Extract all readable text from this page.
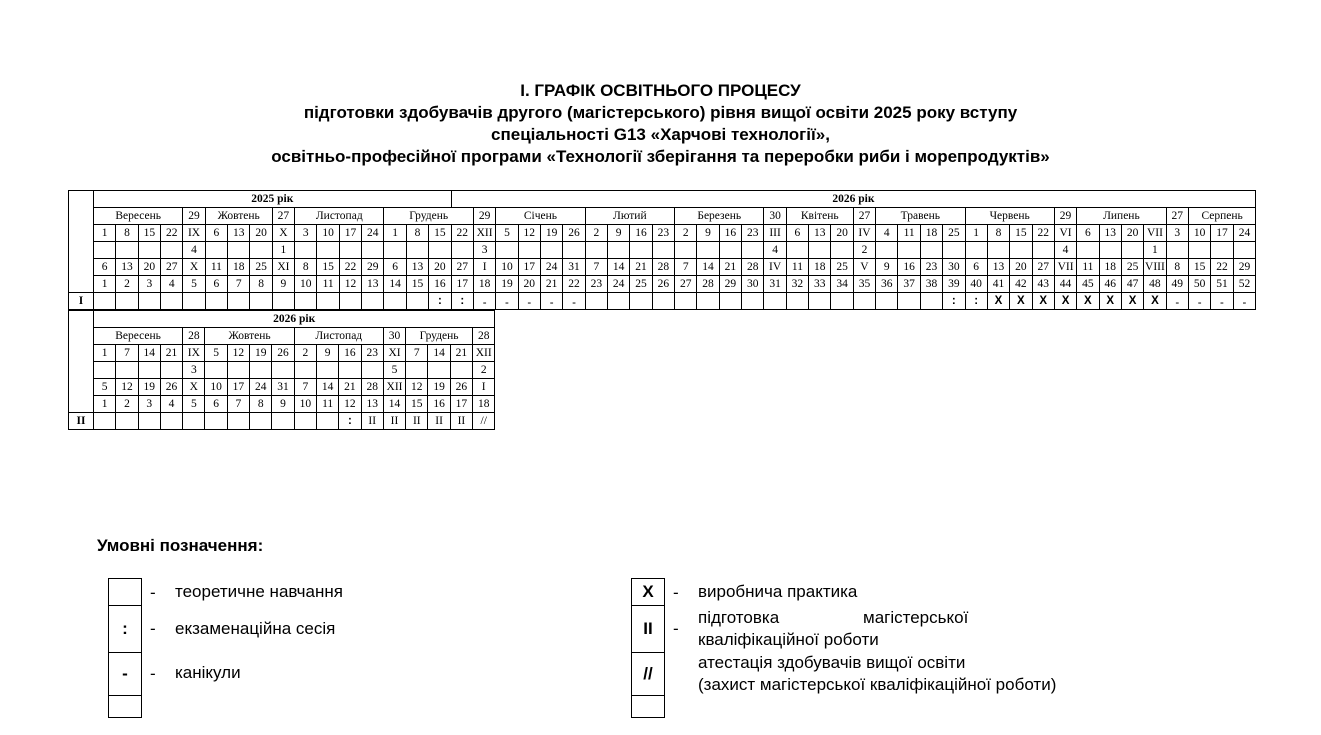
І. ГРАФІК ОСВІТНЬОГО ПРОЦЕСУ
підготовки здобувачів другого (магістерського) рівня вищої освіти 2025 року вступу
спеціальності G13 «Харчові технології»,
освітньо-професійної програми «Технології зберігання та переробки риби і морепродуктів»
	2025 рік																2026 рік																																			
	Вересень				29	Жовтень			27	Листопад				Грудень				29	Січень				Лютий				Березень				30	Квітень			27	Травень				Червень				29	Липень				27	Серпень		
	1	8	15	22	IX	6	13	20	X	3	10	17	24	1	8	15	22	XII	5	12	19	26	2	9	16	23	2	9	16	23	III	6	13	20	IV	4	11	18	25	1	8	15	22	VI	6	13	20	VII	3	10	17	24
					4				1									3													4				2									4				1				
	6	13	20	27	X	11	18	25	XI	8	15	22	29	6	13	20	27	I	10	17	24	31	7	14	21	28	7	14	21	28	IV	11	18	25	V	9	16	23	30	6	13	20	27	VII	11	18	25	VIII	8	15	22	29
	1	2	3	4	5	6	7	8	9	10	11	12	13	14	15	16	17	18	19	20	21	22	23	24	25	26	27	28	29	30	31	32	33	34	35	36	37	38	39	40	41	42	43	44	45	46	47	48	49	50	51	52
I																:	:	-	-	-	-	-																	:	:	X	X	X	X	X	X	X	X	-	-	-	-
	2026 рік																	
	Вересень				28	Жовтень				Листопад				30	Грудень			28
	1	7	14	21	IX	5	12	19	26	2	9	16	23	XI	7	14	21	XII
					3									5				2
	5	12	19	26	X	10	17	24	31	7	14	21	28	XII	12	19	26	I
	1	2	3	4	5	6	7	8	9	10	11	12	13	14	15	16	17	18
II												:	ІІ	ІІ	ІІ	ІІ	ІІ	//
Умовні позначення:
- теоретичне навчання
:	- екзаменаційна сесія
-	- канікули
X	- виробнича практика
ІІ	-
підготовка	магістерської
кваліфікаційної роботи
//
атестація здобувачів вищої освіти
(захист магістерської кваліфікаційної роботи)
